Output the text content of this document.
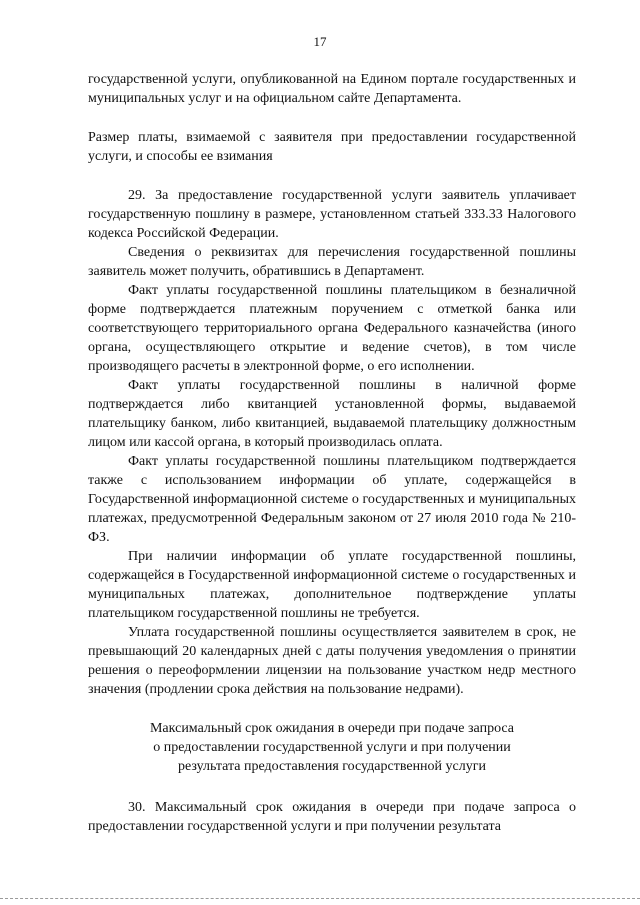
17

государственной услуги, опубликованной на Едином портале государственных и муниципальных услуг и на официальном сайте Департамента.

Размер платы, взимаемой с заявителя при предоставлении государственной услуги, и способы ее взимания

29. За предоставление государственной услуги заявитель уплачивает государственную пошлину в размере, установленном статьей 333.33 Налогового кодекса Российской Федерации.

Сведения о реквизитах для перечисления государственной пошлины заявитель может получить, обратившись в Департамент.

Факт уплаты государственной пошлины плательщиком в безналичной форме подтверждается платежным поручением с отметкой банка или соответствующего территориального органа Федерального казначейства (иного органа, осуществляющего открытие и ведение счетов), в том числе производящего расчеты в электронной форме, о его исполнении.

Факт уплаты государственной пошлины в наличной форме подтверждается либо квитанцией установленной формы, выдаваемой плательщику банком, либо квитанцией, выдаваемой плательщику должностным лицом или кассой органа, в который производилась оплата.

Факт уплаты государственной пошлины плательщиком подтверждается также с использованием информации об уплате, содержащейся в Государственной информационной системе о государственных и муниципальных платежах, предусмотренной Федеральным законом от 27 июля 2010 года № 210-ФЗ.

При наличии информации об уплате государственной пошлины, содержащейся в Государственной информационной системе о государственных и муниципальных платежах, дополнительное подтверждение уплаты плательщиком государственной пошлины не требуется.

Уплата государственной пошлины осуществляется заявителем в срок, не превышающий 20 календарных дней с даты получения уведомления о принятии решения о переоформлении лицензии на пользование участком недр местного значения (продлении срока действия на пользование недрами).

Максимальный срок ожидания в очереди при подаче запроса
о предоставлении государственной услуги и при получении
результата предоставления государственной услуги

30. Максимальный срок ожидания в очереди при подаче запроса о предоставлении государственной услуги и при получении результата
